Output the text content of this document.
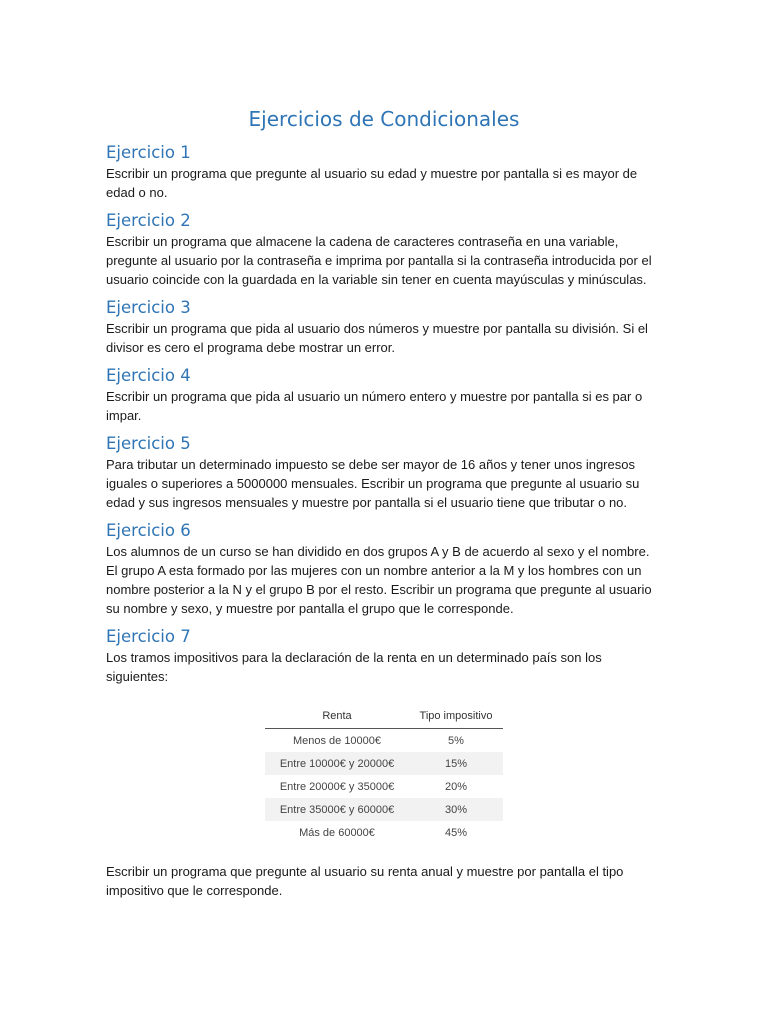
Ejercicios de Condicionales
Ejercicio 1

Escribir un programa que pregunte al usuario su edad y muestre por pantalla si es mayor de edad o no.

Ejercicio 2

Escribir un programa que almacene la cadena de caracteres contraseña en una variable, pregunte al usuario por la contraseña e imprima por pantalla si la contraseña introducida por el usuario coincide con la guardada en la variable sin tener en cuenta mayúsculas y minúsculas.

Ejercicio 3

Escribir un programa que pida al usuario dos números y muestre por pantalla su división. Si el divisor es cero el programa debe mostrar un error.

Ejercicio 4

Escribir un programa que pida al usuario un número entero y muestre por pantalla si es par o impar.

Ejercicio 5

Para tributar un determinado impuesto se debe ser mayor de 16 años y tener unos ingresos iguales o superiores a 5000000 mensuales. Escribir un programa que pregunte al usuario su edad y sus ingresos mensuales y muestre por pantalla si el usuario tiene que tributar o no.

Ejercicio 6

Los alumnos de un curso se han dividido en dos grupos A y B de acuerdo al sexo y el nombre. El grupo A esta formado por las mujeres con un nombre anterior a la M y los hombres con un nombre posterior a la N y el grupo B por el resto. Escribir un programa que pregunte al usuario su nombre y sexo, y muestre por pantalla el grupo que le corresponde.

Ejercicio 7

Los tramos impositivos para la declaración de la renta en un determinado país son los siguientes:

Renta	Tipo impositivo
Menos de 10000€	5%
Entre 10000€ y 20000€	15%
Entre 20000€ y 35000€	20%
Entre 35000€ y 60000€	30%
Más de 60000€	45%

Escribir un programa que pregunte al usuario su renta anual y muestre por pantalla el tipo impositivo que le corresponde.
